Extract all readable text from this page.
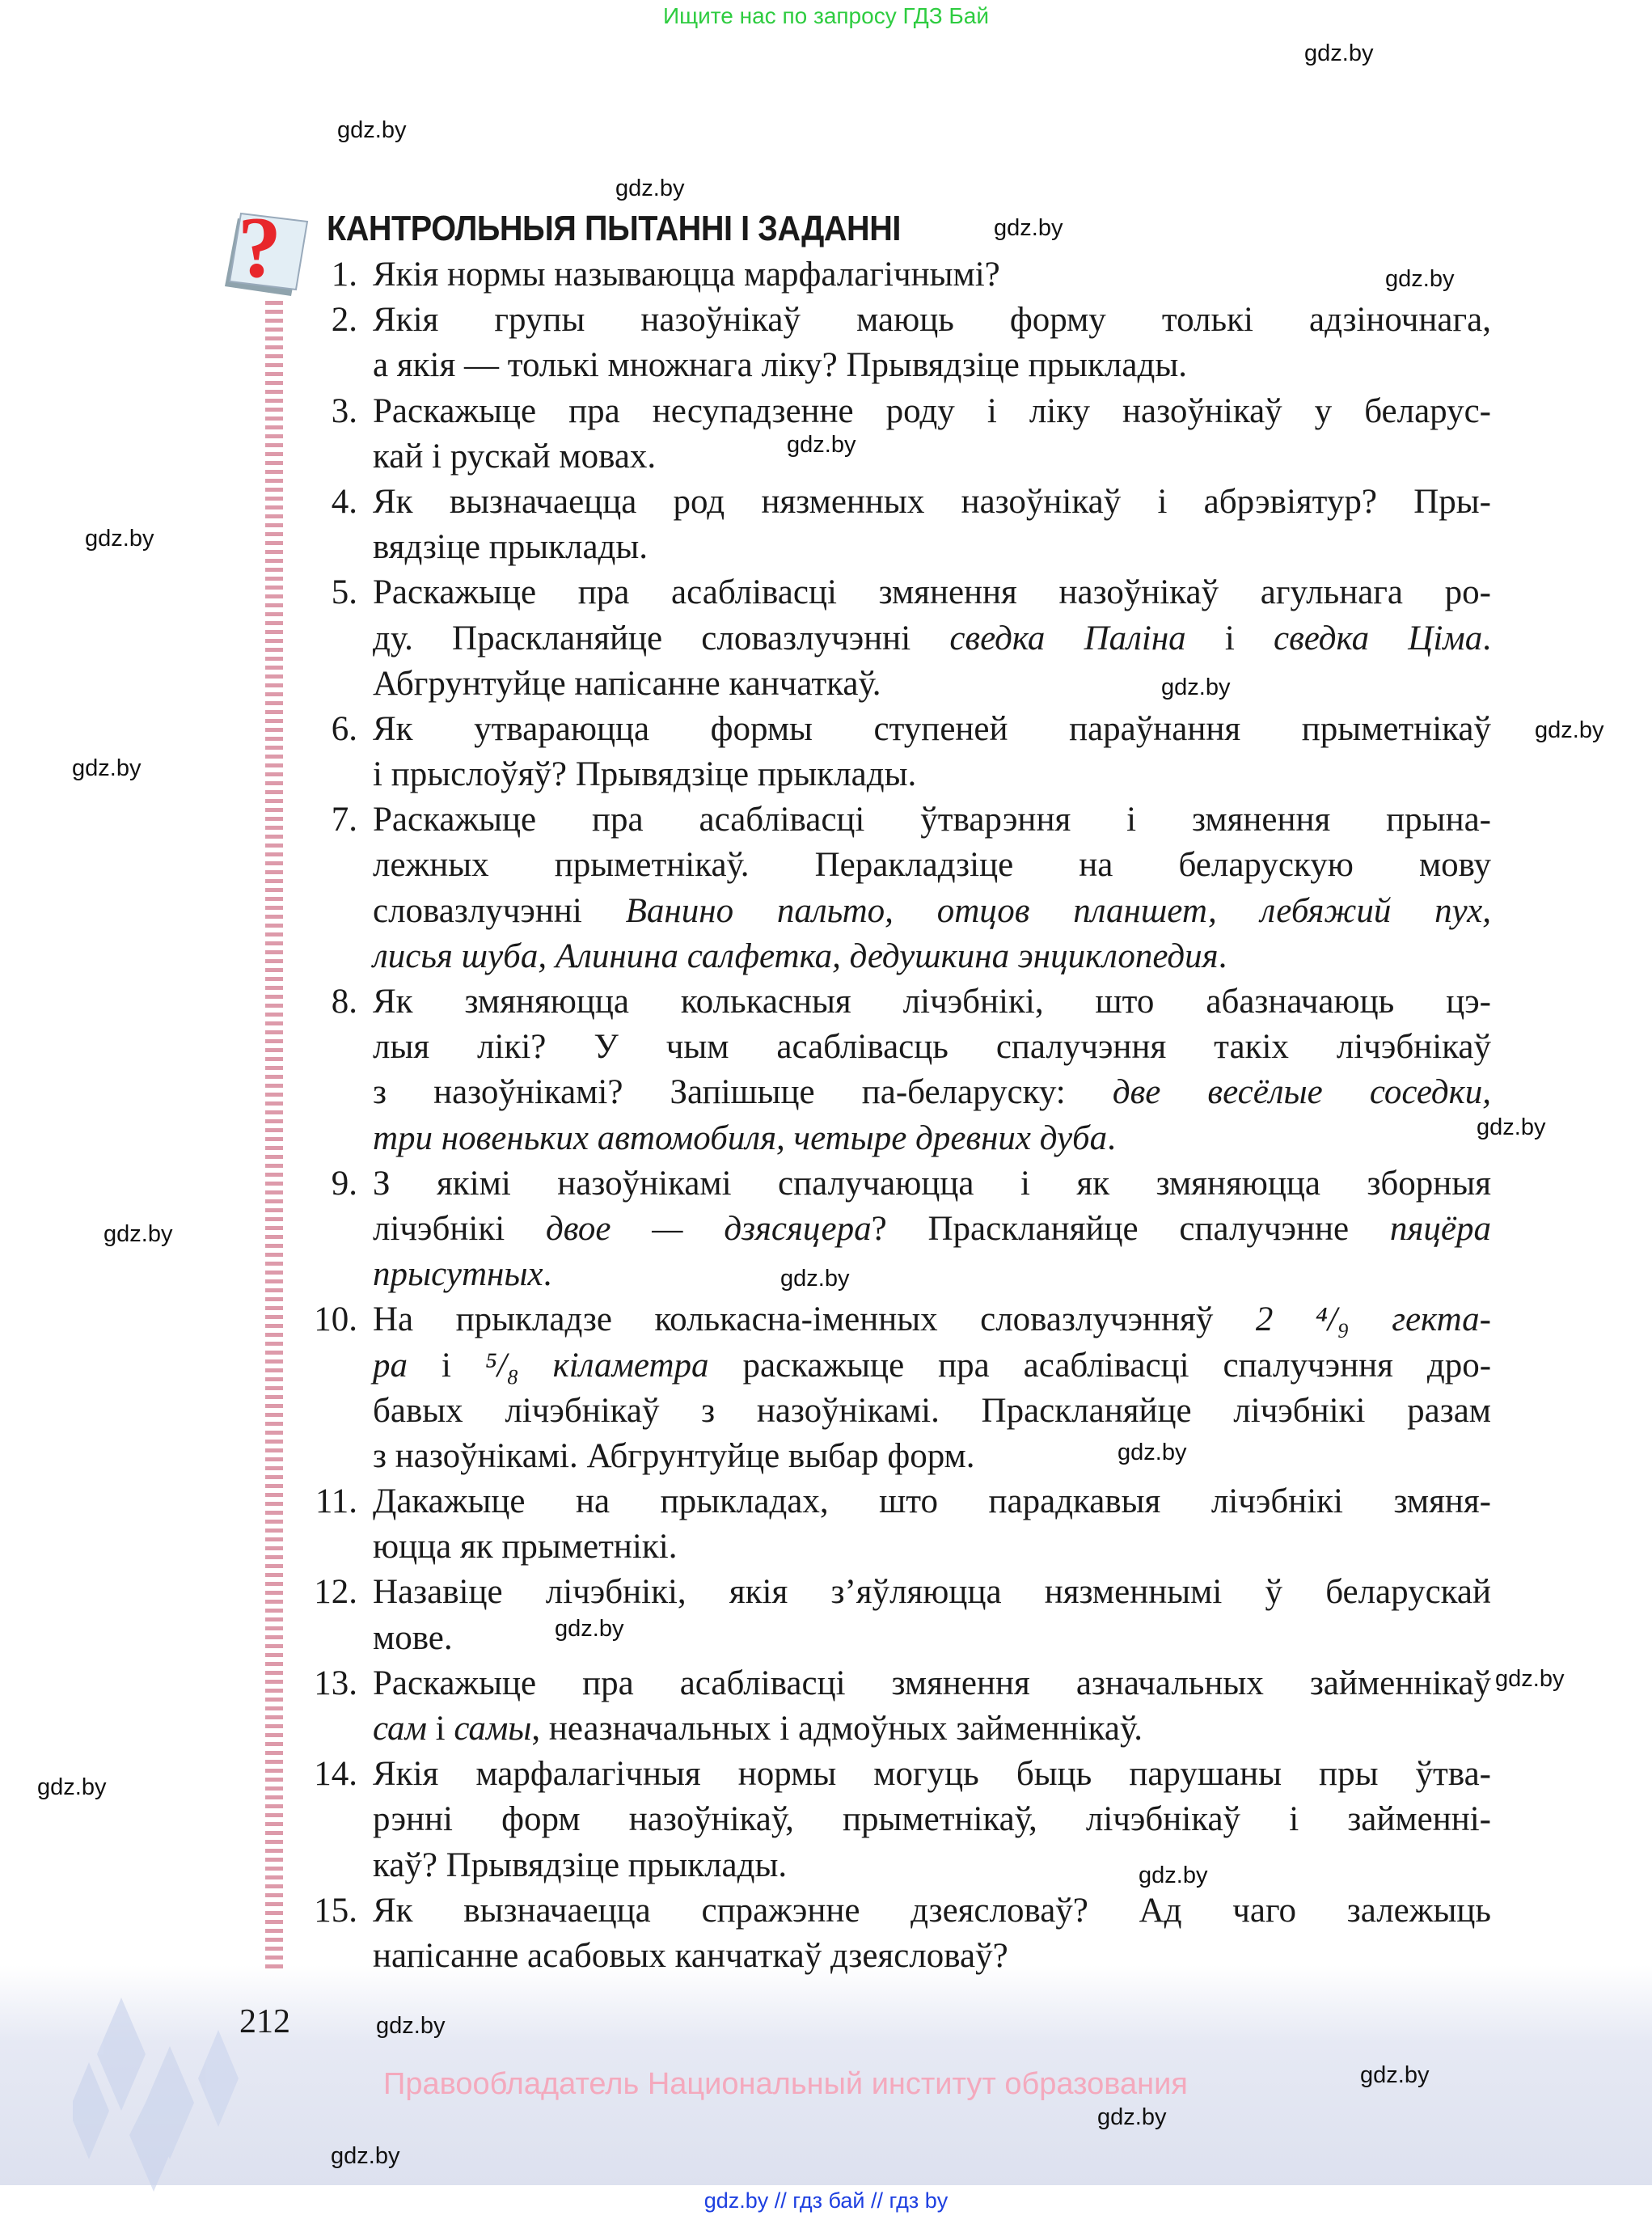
Ищите нас по запросу ГДЗ Бай
? КАНТРОЛЬНЫЯ ПЫТАННІ І ЗАДАННІ
1. Якія нормы называюцца марфалагічнымі?
2. Якія групы назоўнікаў маюць форму толькі адзіночнага,
а якія — толькі множнага ліку? Прывядзіце прыклады.
3. Раскажыце пра несупадзенне роду і ліку назоўнікаў у беларус-
кай і рускай мовах.
4. Як вызначаецца род нязменных назоўнікаў і абрэвіятур? Пры-
вядзіце прыклады.
5. Раскажыце пра асаблівасці змянення назоўнікаў агульнага ро-
ду. Праскланяйце словазлучэнні сведка Паліна і сведка Ціма.
Абгрунтуйце напісанне канчаткаў.
6. Як утвараюцца формы ступеней параўнання прыметнікаў
і прыслоўяў? Прывядзіце прыклады.
7. Раскажыце пра асаблівасці ўтварэння і змянення прына-
лежных прыметнікаў. Перакладзіце на беларускую мову
словазлучэнні Ванино пальто, отцов планшет, лебяжий пух,
лисья шуба, Алинина салфетка, дедушкина энциклопедия.
8. Як змяняюцца колькасныя лічэбнікі, што абазначаюць цэ-
лыя лікі? У чым асаблівасць спалучэння такіх лічэбнікаў
з назоўнікамі? Запішыце па-беларуску: две весёлые соседки,
три новеньких автомобиля, четыре древних дуба.
9. З якімі назоўнікамі спалучаюцца і як змяняюцца зборныя
лічэбнікі двое — дзясяцера? Праскланяйце спалучэнне пяцёра
прысутных.
10. На прыкладзе колькасна-іменных словазлучэнняў 2 ⁴/₉ гекта-
ра і ⁵/₈ кіламетра раскажыце пра асаблівасці спалучэння дро-
бавых лічэбнікаў з назоўнікамі. Праскланяйце лічэбнікі разам
з назоўнікамі. Абгрунтуйце выбар форм.
11. Дакажыце на прыкладах, што парадкавыя лічэбнікі змяня-
юцца як прыметнікі.
12. Назавіце лічэбнікі, якія з’яўляюцца нязменнымі ў беларускай
мове.
13. Раскажыце пра асаблівасці змянення азначальных займеннікаў
сам і самы, неазначальных і адмоўных займеннікаў.
14. Якія марфалагічныя нормы могуць быць парушаны пры ўтва-
рэнні форм назоўнікаў, прыметнікаў, лічэбнікаў і займенні-
каў? Прывядзіце прыклады.
15. Як вызначаецца спражэнне дзеясловаў? Ад чаго залежыць
напісанне асабовых канчаткаў дзеясловаў?
212
Правообладатель Национальный институт образования
gdz.by // гдз бай // гдз by
gdz.by
gdz.by
gdz.by
gdz.by
gdz.by
gdz.by
gdz.by
gdz.by
gdz.by
gdz.by
gdz.by
gdz.by
gdz.by
gdz.by
gdz.by
gdz.by
gdz.by
gdz.by
gdz.by
gdz.by
gdz.by
gdz.by
